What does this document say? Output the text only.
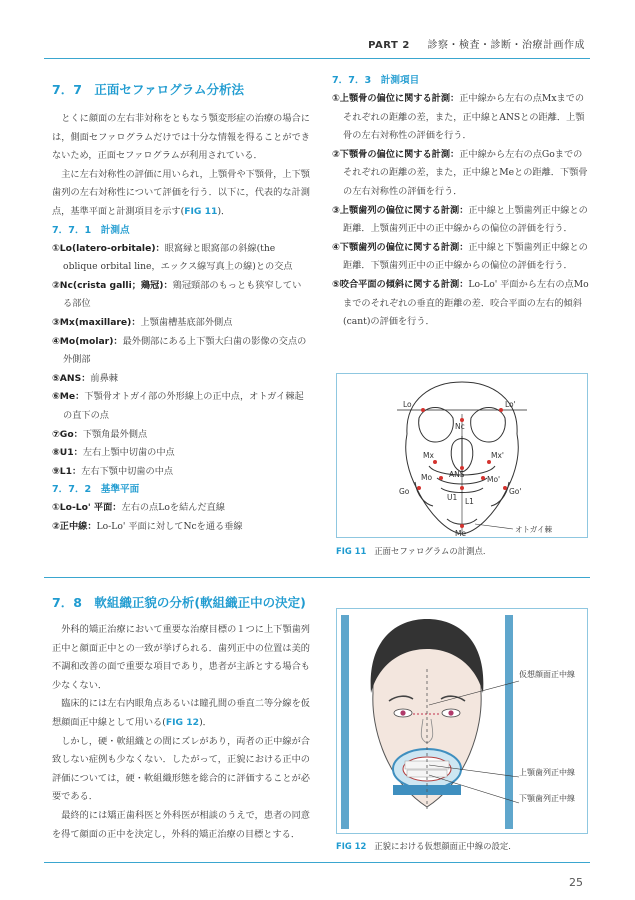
PART 2 診察・検査・診断・治療計画作成
7．7　正面セファログラム分析法

とくに顔面の左右非対称をともなう顎変形症の治療の場合には，側面セファログラムだけでは十分な情報を得ることができないため，正面セファログラムが利用されている．

主に左右対称性の評価に用いられ，上顎骨や下顎骨，上下顎歯列の左右対称性について評価を行う．以下に，代表的な計測点，基準平面と計測項目を示す(FIG 11)．

7．7．1　計測点
①Lo(latero-orbitale)：眼窩縁と眼窩部の斜線(the oblique orbital line，エックス線写真上の線)との交点
②Nc(crista galli；鶏冠)：鶏冠頸部のもっとも狭窄している部位
③Mx(maxillare)：上顎歯槽基底部外側点
④Mo(molar)：最外側部にある上下顎大臼歯の影像の交点の外側部
⑤ANS：前鼻棘
⑥Me：下顎骨オトガイ部の外形線上の正中点，オトガイ棘起の直下の点
⑦Go：下顎角最外側点
⑧U1：左右上顎中切歯の中点
⑨L1：左右下顎中切歯の中点
7．7．2　基準平面
①Lo-Lo' 平面：左右の点Loを結んだ直線
②正中線：Lo-Lo' 平面に対してNcを通る垂線
7．7．3　計測項目
①上顎骨の偏位に関する計測：正中線から左右の点Mxまでのそれぞれの距離の差，また，正中線とANSとの距離．上顎骨の左右対称性の評価を行う．
②下顎骨の偏位に関する計測：正中線から左右の点Goまでのそれぞれの距離の差，また，正中線とMeとの距離．下顎骨の左右対称性の評価を行う．
③上顎歯列の偏位に関する計測：正中線と上顎歯列正中線との距離．上顎歯列正中の正中線からの偏位の評価を行う．
④下顎歯列の偏位に関する計測：正中線と下顎歯列正中線との距離．下顎歯列正中の正中線からの偏位の評価を行う．
⑤咬合平面の傾斜に関する計測：Lo-Lo' 平面から左右の点Moまでのそれぞれの垂直的距離の差．咬合平面の左右的傾斜(cant)の評価を行う．
Lo	Lo'
Nc
Mx	Mx'
ANS
Mo	Mo'
Go	Go'
U1 L1
Me	オトガイ棘
FIG 11 正面セファログラムの計測点．
7．8　軟組織正貌の分析(軟組織正中の決定)

外科的矯正治療において重要な治療目標の１つに上下顎歯列正中と顔面正中との一致が挙げられる．歯列正中の位置は美的不調和改善の面で重要な項目であり，患者が主訴とする場合も少なくない．

臨床的には左右内眼角点あるいは瞳孔間の垂直二等分線を仮想顔面正中線として用いる(FIG 12)．

しかし，硬・軟組織との間にズレがあり，両者の正中線が合致しない症例も少なくない．したがって，正貌における正中の評価については，硬・軟組織形態を総合的に評価することが必要である．

最終的には矯正歯科医と外科医が相談のうえで，患者の同意を得て顔面の正中を決定し，外科的矯正治療の目標とする．

仮想顔面正中線
上顎歯列正中線
下顎歯列正中線
FIG 12 正貌における仮想顔面正中線の設定．
25
